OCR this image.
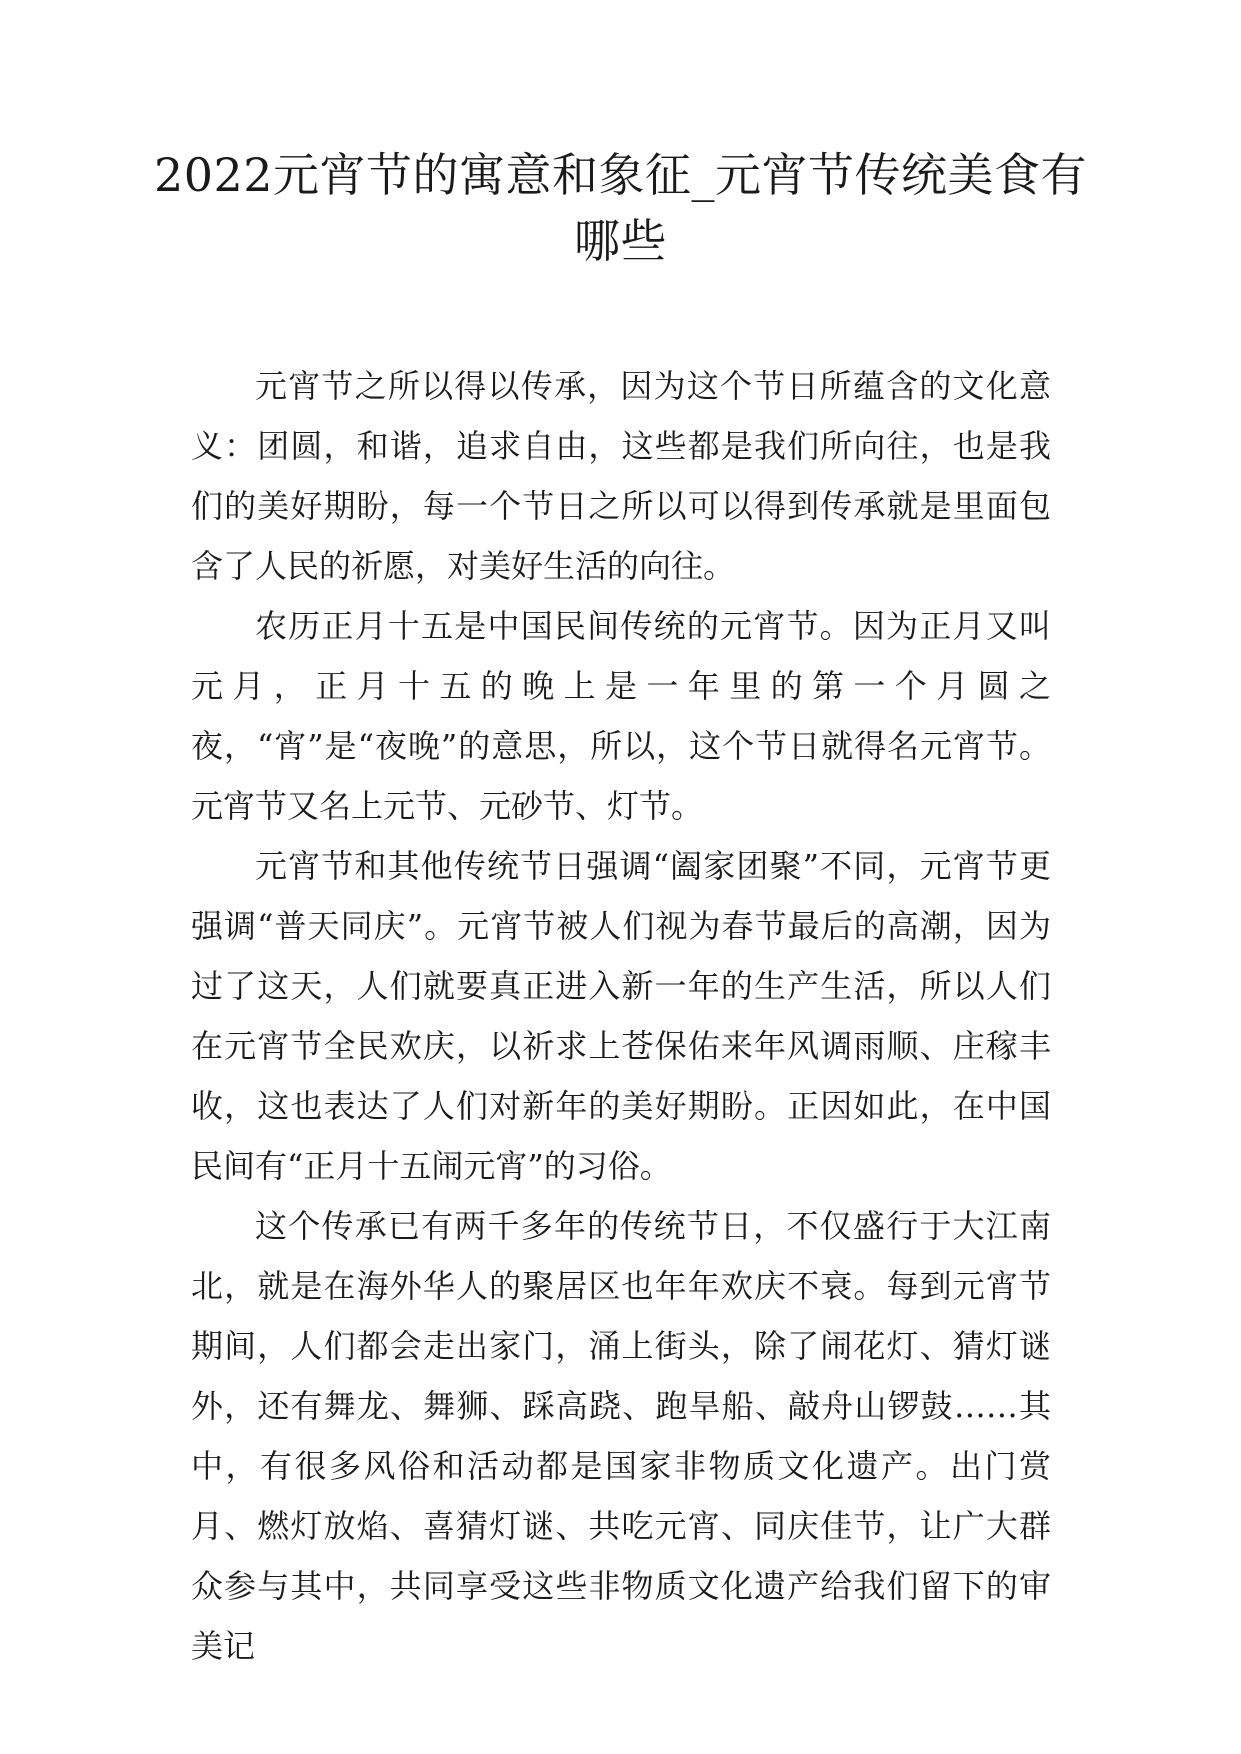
2022元宵节的寓意和象征_元宵节传统美食有哪些

元宵节之所以得以传承，因为这个节日所蕴含的文化意义：团圆，和谐，追求自由，这些都是我们所向往，也是我们的美好期盼，每一个节日之所以可以得到传承就是里面包含了人民的祈愿，对美好生活的向往。

农历正月十五是中国民间传统的元宵节。因为正月又叫元月，正月十五的晚上是一年里的第一个月圆之夜，“宵”是“夜晚”的意思，所以，这个节日就得名元宵节。元宵节又名上元节、元砂节、灯节。

元宵节和其他传统节日强调“阖家团聚”不同，元宵节更强调“普天同庆”。元宵节被人们视为春节最后的高潮，因为过了这天，人们就要真正进入新一年的生产生活，所以人们在元宵节全民欢庆，以祈求上苍保佑来年风调雨顺、庄稼丰收，这也表达了人们对新年的美好期盼。正因如此，在中国民间有“正月十五闹元宵”的习俗。

这个传承已有两千多年的传统节日，不仅盛行于大江南北，就是在海外华人的聚居区也年年欢庆不衰。每到元宵节期间，人们都会走出家门，涌上街头，除了闹花灯、猜灯谜外，还有舞龙、舞狮、踩高跷、跑旱船、敲舟山锣鼓……其中，有很多风俗和活动都是国家非物质文化遗产。出门赏月、燃灯放焰、喜猜灯谜、共吃元宵、同庆佳节，让广大群众参与其中，共同享受这些非物质文化遗产给我们留下的审美记
